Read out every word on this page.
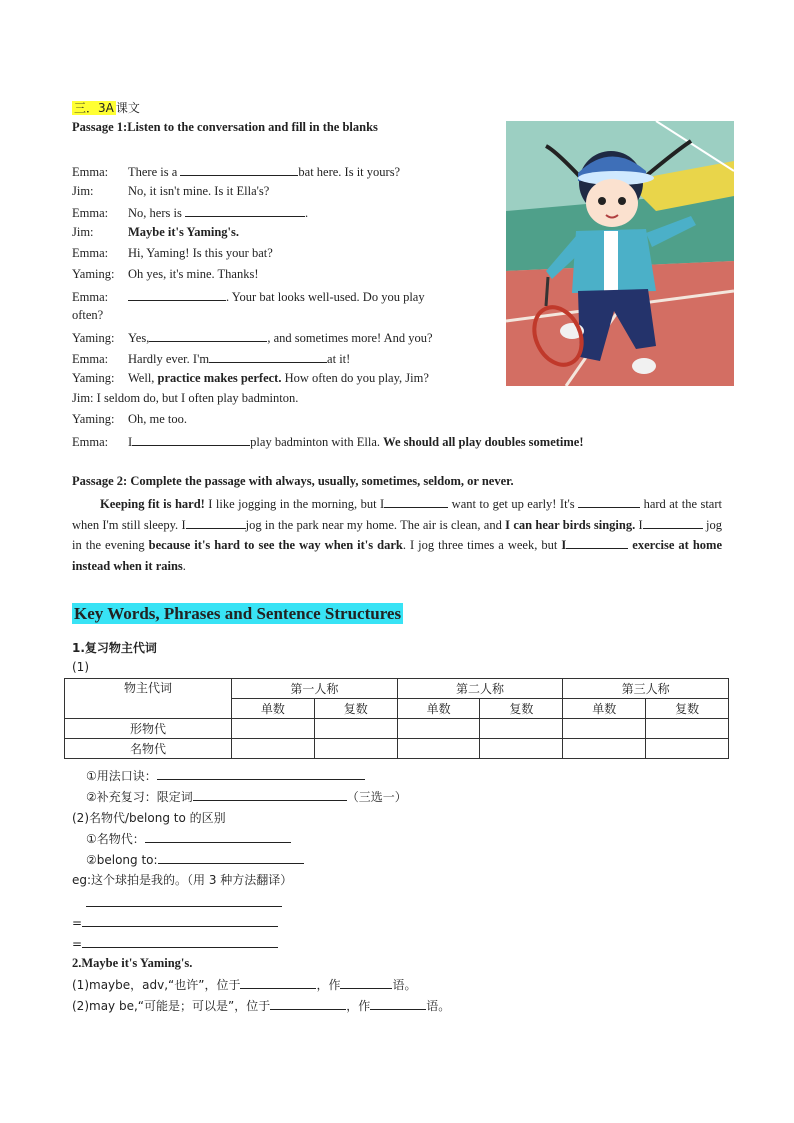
三．3A 课文
Passage 1:Listen to the conversation and fill in the blanks
Emma: There is a	bat here. Is it yours?
Jim:	No, it isn't mine. Is it Ella's?
Emma: No, hers is	.
Jim:	Maybe it's Yaming's.
Emma: Hi, Yaming! Is this your bat?
Yaming: Oh yes, it's mine. Thanks!
Emma:	. Your bat looks well-used. Do you play
often?
Yaming: Yes,	, and sometimes more! And you?
Emma: Hardly ever. I'm	at it!
Yaming: Well, practice makes perfect. How often do you play, Jim?
Jim: I seldom do, but I often play badminton.
Yaming: Oh, me too.
Emma: I	play badminton with Ella. We should all play doubles sometime!
Passage 2: Complete the passage with always, usually, sometimes, seldom, or never.
Keeping fit is hard! I like jogging in the morning, but I	want to get up early! It's	hard at the start when I'm still sleepy. I	jog in the park near my home. The air is clean, and I can hear birds singing. I	jog in the evening because it's hard to see the way when it's dark. I jog three times a week, but I	exercise at home instead when it rains.
Key Words, Phrases and Sentence Structures
1.复习物主代词
(1)
物主代词	第一人称		第二人称		第三人称	
	单数	复数	单数	复数	单数	复数
形物代						
名物代						
①用法口诀：
②补充复习：限定词	（三选一）
(2)名物代/belong to 的区别
①名物代：
②belong to:
eg:这个球拍是我的。（用 3 种方法翻译）
=
=
2.Maybe it's Yaming's.
(1)maybe，adv,“也许”，位于	，作	语。
(2)may be,“可能是；可以是”，位于	，作	语。
